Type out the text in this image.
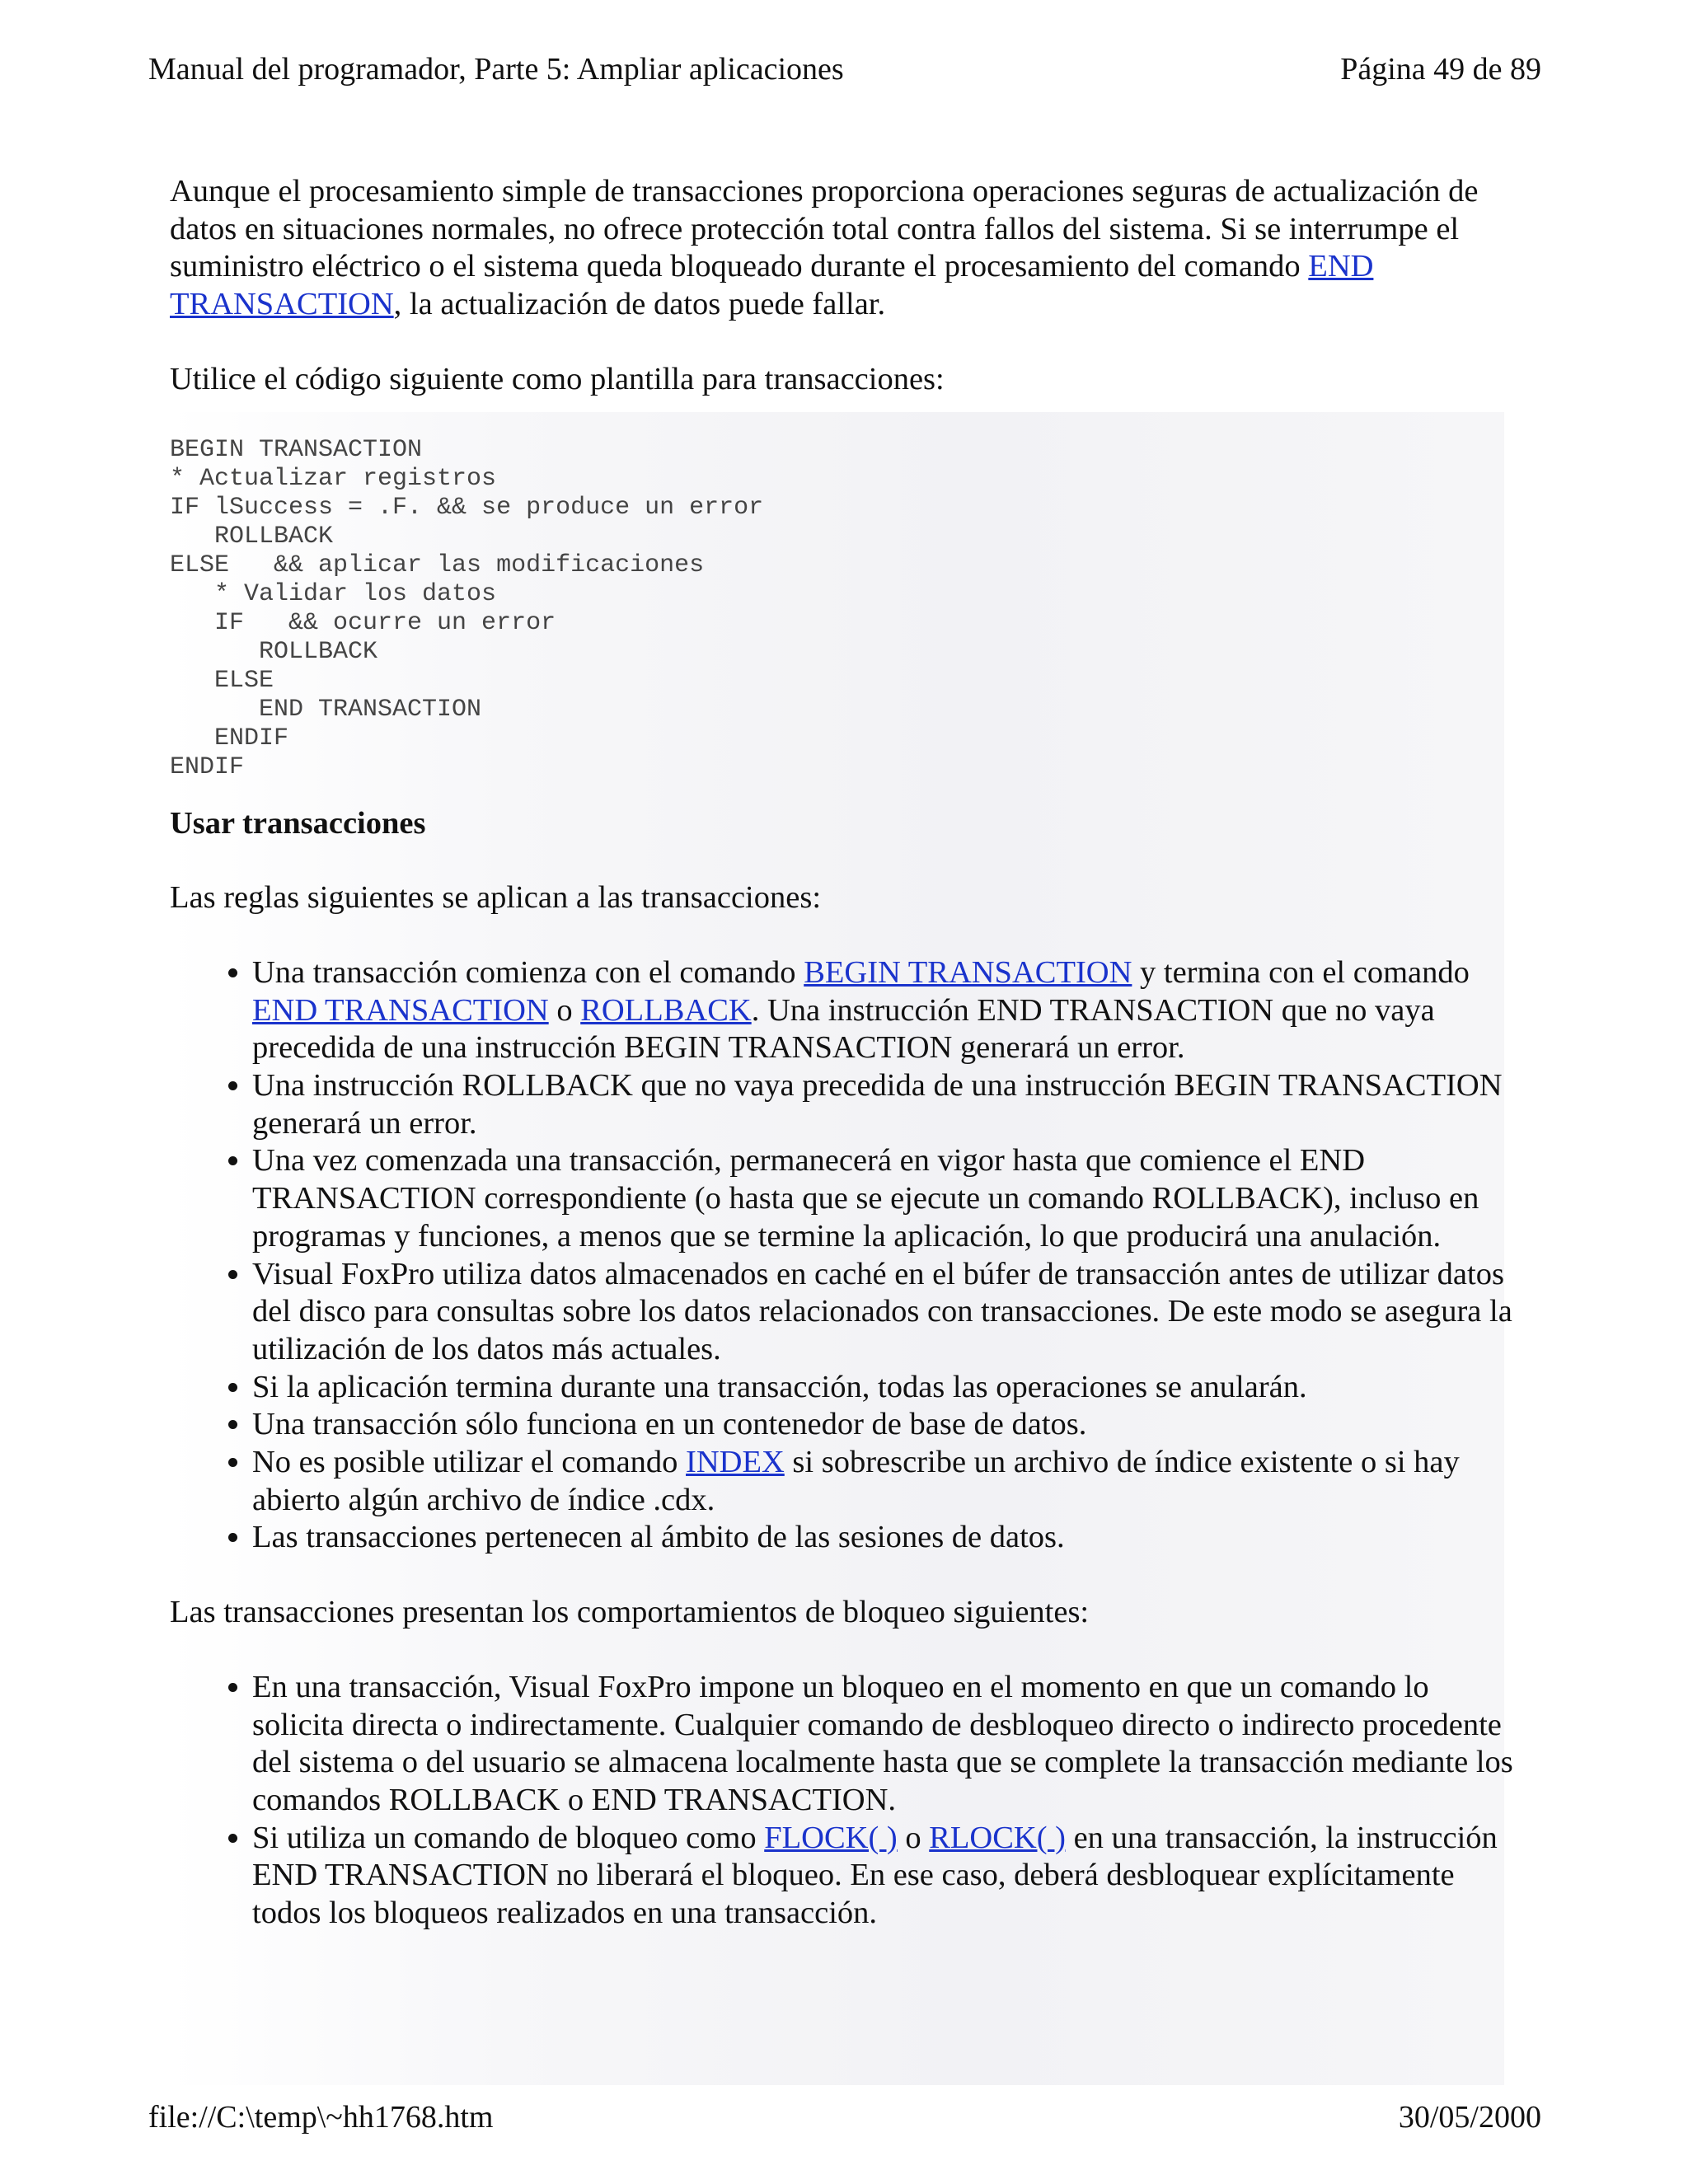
Manual del programador, Parte 5: Ampliar aplicaciones	Página 49 de 89

Aunque el procesamiento simple de transacciones proporciona operaciones seguras de actualización de datos en situaciones normales, no ofrece protección total contra fallos del sistema. Si se interrumpe el suministro eléctrico o el sistema queda bloqueado durante el procesamiento del comando END TRANSACTION, la actualización de datos puede fallar.

Utilice el código siguiente como plantilla para transacciones:

BEGIN TRANSACTION
* Actualizar registros
IF lSuccess = .F. && se produce un error
ROLLBACK
ELSE   && aplicar las modificaciones
* Validar los datos
IF   && ocurre un error
ROLLBACK
ELSE
END TRANSACTION
ENDIF
ENDIF
Usar transacciones

Las reglas siguientes se aplican a las transacciones:

• Una transacción comienza con el comando BEGIN TRANSACTION y termina con el comando END TRANSACTION o ROLLBACK. Una instrucción END TRANSACTION que no vaya precedida de una instrucción BEGIN TRANSACTION generará un error.
• Una instrucción ROLLBACK que no vaya precedida de una instrucción BEGIN TRANSACTION generará un error.
• Una vez comenzada una transacción, permanecerá en vigor hasta que comience el END TRANSACTION correspondiente (o hasta que se ejecute un comando ROLLBACK), incluso en programas y funciones, a menos que se termine la aplicación, lo que producirá una anulación.
• Visual FoxPro utiliza datos almacenados en caché en el búfer de transacción antes de utilizar datos del disco para consultas sobre los datos relacionados con transacciones. De este modo se asegura la utilización de los datos más actuales.
• Si la aplicación termina durante una transacción, todas las operaciones se anularán.
• Una transacción sólo funciona en un contenedor de base de datos.
• No es posible utilizar el comando INDEX si sobrescribe un archivo de índice existente o si hay abierto algún archivo de índice .cdx.
• Las transacciones pertenecen al ámbito de las sesiones de datos.

Las transacciones presentan los comportamientos de bloqueo siguientes:

• En una transacción, Visual FoxPro impone un bloqueo en el momento en que un comando lo solicita directa o indirectamente. Cualquier comando de desbloqueo directo o indirecto procedente del sistema o del usuario se almacena localmente hasta que se complete la transacción mediante los comandos ROLLBACK o END TRANSACTION.
• Si utiliza un comando de bloqueo como FLOCK( ) o RLOCK( ) en una transacción, la instrucción END TRANSACTION no liberará el bloqueo. En ese caso, deberá desbloquear explícitamente todos los bloqueos realizados en una transacción.
file://C:\temp\~hh1768.htm	30/05/2000
